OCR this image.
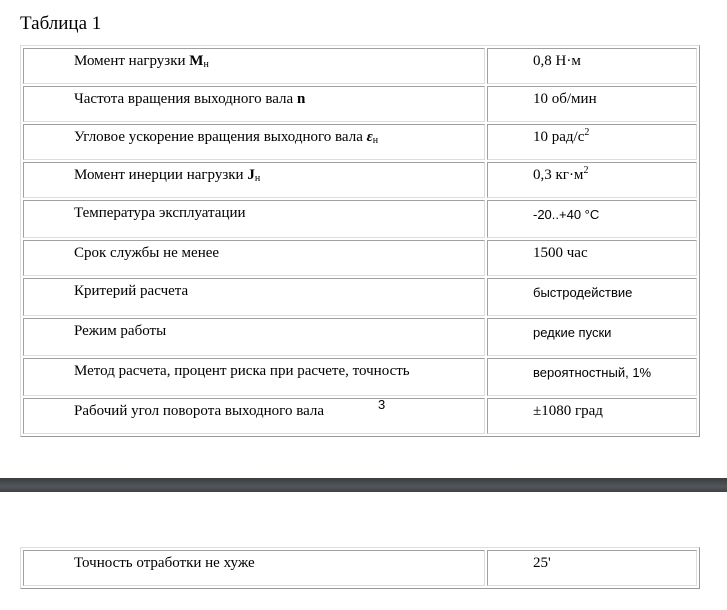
Таблица 1
Момент нагрузки $M_н$	0,8 Н·м
Частота вращения выходного вала n	10 об/мин
Угловое ускорение вращения выходного вала $\varepsilon_н$	10 рад/$с^2$
Момент инерции нагрузки $J_н$	0,3 $кг\cdot м^2$
Температура эксплуатации	-20..+40 °C
Срок службы не менее	1500 час
Критерий расчета	быстродействие
Режим работы	редкие пуски
Метод расчета, процент риска при расчете, точность	вероятностный, 1%
Рабочий угол поворота выходного вала	±1080 град
3
Точность отработки не хуже	25'
